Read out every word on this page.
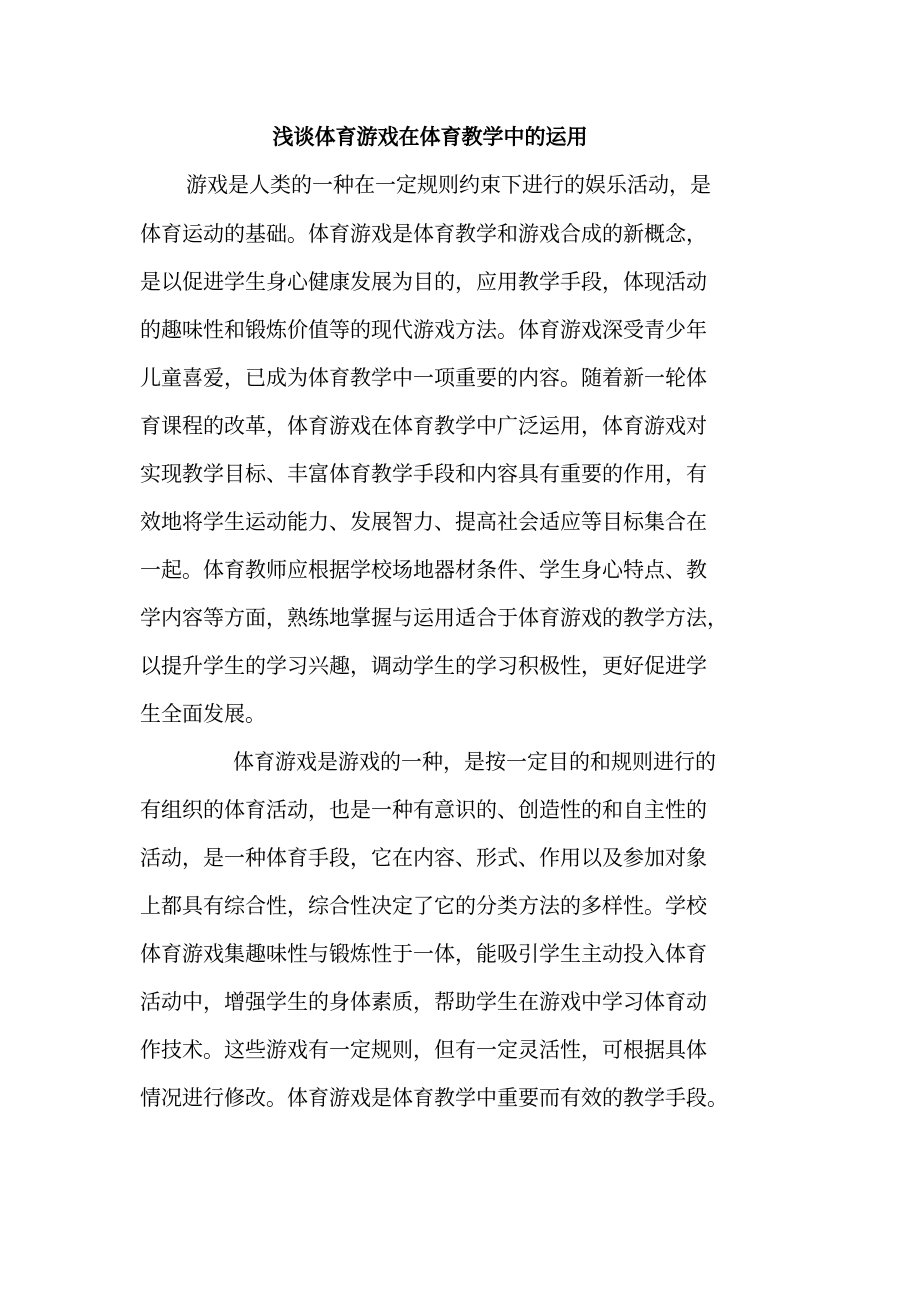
浅谈体育游戏在体育教学中的运用

游戏是人类的一种在一定规则约束下进行的娱乐活动，是

体育运动的基础。体育游戏是体育教学和游戏合成的新概念，

是以促进学生身心健康发展为目的，应用教学手段，体现活动

的趣味性和锻炼价值等的现代游戏方法。体育游戏深受青少年

儿童喜爱，已成为体育教学中一项重要的内容。随着新一轮体

育课程的改革，体育游戏在体育教学中广泛运用，体育游戏对

实现教学目标、丰富体育教学手段和内容具有重要的作用，有

效地将学生运动能力、发展智力、提高社会适应等目标集合在

一起。体育教师应根据学校场地器材条件、学生身心特点、教

学内容等方面，熟练地掌握与运用适合于体育游戏的教学方法，

以提升学生的学习兴趣，调动学生的学习积极性，更好促进学

生全面发展。

体育游戏是游戏的一种，是按一定目的和规则进行的

有组织的体育活动，也是一种有意识的、创造性的和自主性的

活动，是一种体育手段，它在内容、形式、作用以及参加对象

上都具有综合性，综合性决定了它的分类方法的多样性。学校

体育游戏集趣味性与锻炼性于一体，能吸引学生主动投入体育

活动中，增强学生的身体素质，帮助学生在游戏中学习体育动

作技术。这些游戏有一定规则，但有一定灵活性，可根据具体

情况进行修改。体育游戏是体育教学中重要而有效的教学手段。
